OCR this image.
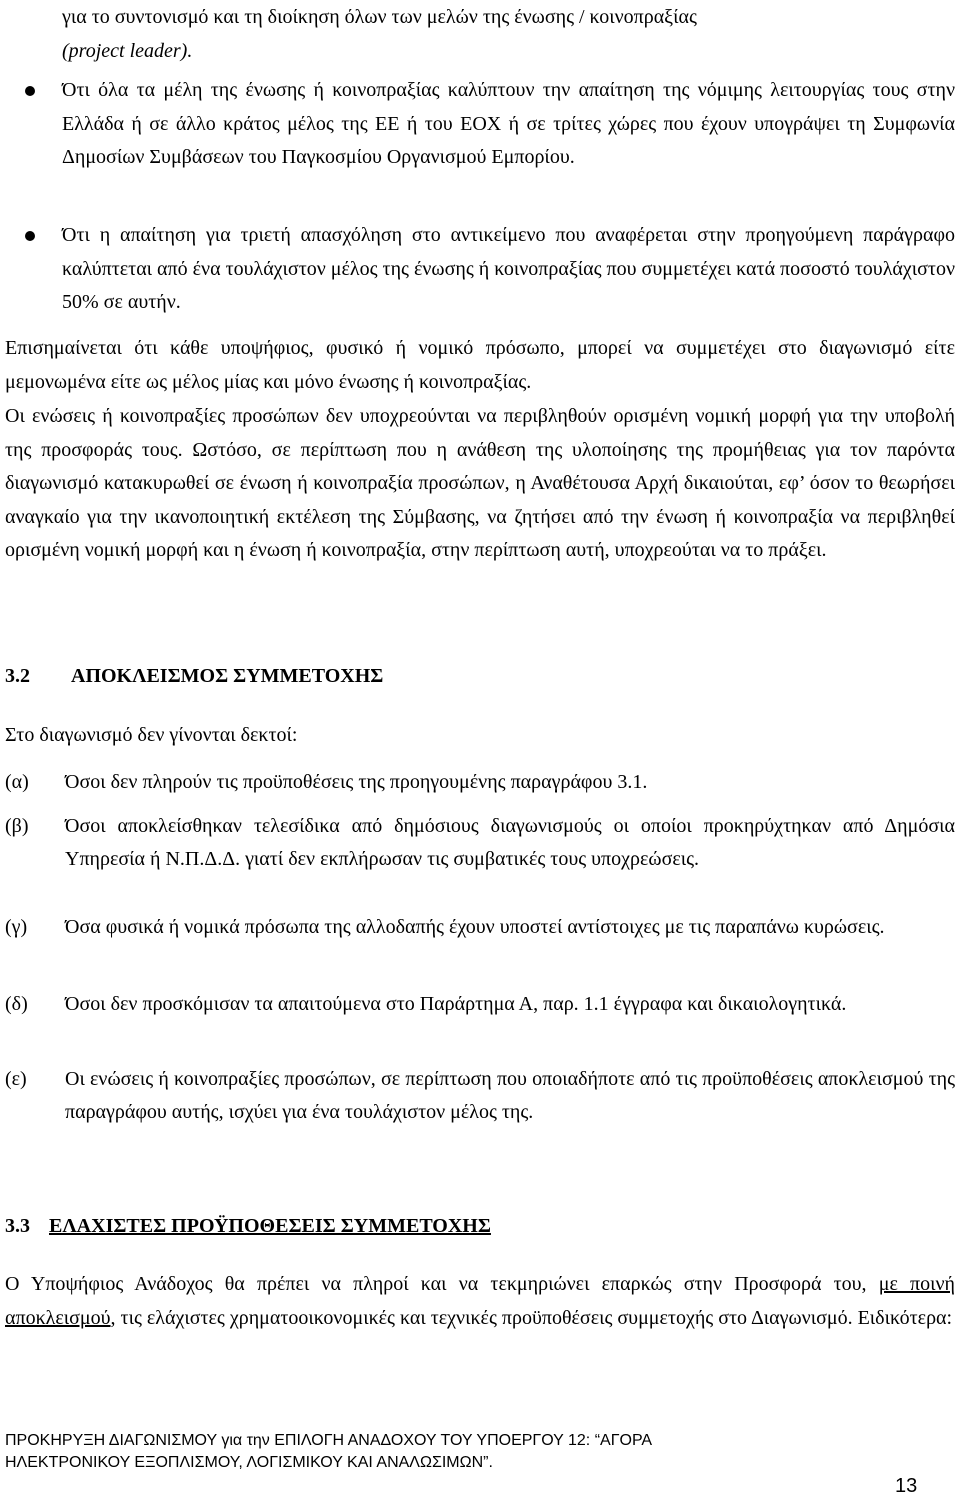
για το συντονισμό και τη διοίκηση όλων των μελών της ένωσης / κοινοπραξίας
(project leader).
Ότι όλα τα μέλη της ένωσης ή κοινοπραξίας καλύπτουν την απαίτηση της νόμιμης λειτουργίας τους στην Ελλάδα ή σε άλλο κράτος μέλος της ΕΕ ή του ΕΟΧ ή σε τρίτες χώρες που έχουν υπογράψει τη Συμφωνία Δημοσίων Συμβάσεων του Παγκοσμίου Οργανισμού Εμπορίου.
Ότι η απαίτηση για τριετή απασχόληση στο αντικείμενο που αναφέρεται στην προηγούμενη παράγραφο καλύπτεται από ένα τουλάχιστον μέλος της ένωσης ή κοινοπραξίας που συμμετέχει κατά ποσοστό τουλάχιστον 50% σε αυτήν.
Επισημαίνεται ότι κάθε υποψήφιος, φυσικό ή νομικό πρόσωπο, μπορεί να συμμετέχει στο διαγωνισμό είτε μεμονωμένα είτε ως μέλος μίας και μόνο ένωσης ή κοινοπραξίας.
Οι ενώσεις ή κοινοπραξίες προσώπων δεν υποχρεούνται να περιβληθούν ορισμένη νομική μορφή για την υποβολή της προσφοράς τους. Ωστόσο, σε περίπτωση που η ανάθεση της υλοποίησης της προμήθειας για τον παρόντα διαγωνισμό κατακυρωθεί σε ένωση ή κοινοπραξία προσώπων, η Αναθέτουσα Αρχή δικαιούται, εφ’ όσον το θεωρήσει αναγκαίο για την ικανοποιητική εκτέλεση της Σύμβασης, να ζητήσει από την ένωση ή κοινοπραξία να περιβληθεί ορισμένη νομική μορφή και η ένωση ή κοινοπραξία, στην περίπτωση αυτή, υποχρεούται να το πράξει.
3.2 ΑΠΟΚΛΕΙΣΜΟΣ ΣΥΜΜΕΤΟΧΗΣ
Στο διαγωνισμό δεν γίνονται δεκτοί:
(α) Όσοι δεν πληρούν τις προϋποθέσεις της προηγουμένης παραγράφου 3.1.
(β) Όσοι αποκλείσθηκαν τελεσίδικα από δημόσιους διαγωνισμούς οι οποίοι προκηρύχτηκαν από Δημόσια Υπηρεσία ή Ν.Π.Δ.Δ. γιατί δεν εκπλήρωσαν τις συμβατικές τους υποχρεώσεις.
(γ) Όσα φυσικά ή νομικά πρόσωπα της αλλοδαπής έχουν υποστεί αντίστοιχες με τις παραπάνω κυρώσεις.
(δ) Όσοι δεν προσκόμισαν τα απαιτούμενα στο Παράρτημα Α, παρ. 1.1 έγγραφα και δικαιολογητικά.
(ε) Οι ενώσεις ή κοινοπραξίες προσώπων, σε περίπτωση που οποιαδήποτε από τις προϋποθέσεις αποκλεισμού της παραγράφου αυτής, ισχύει για ένα τουλάχιστον μέλος της.
3.3 ΕΛΑΧΙΣΤΕΣ ΠΡΟΫΠΟΘΕΣΕΙΣ ΣΥΜΜΕΤΟΧΗΣ
Ο Υποψήφιος Ανάδοχος θα πρέπει να πληροί και να τεκμηριώνει επαρκώς στην Προσφορά του, με ποινή αποκλεισμού, τις ελάχιστες χρηματοοικονομικές και τεχνικές προϋποθέσεις συμμετοχής στο Διαγωνισμό. Ειδικότερα:
ΠΡΟΚΗΡΥΞΗ ΔΙΑΓΩΝΙΣΜΟΥ για την ΕΠΙΛΟΓΗ ΑΝΑΔΟΧΟΥ ΤΟΥ ΥΠΟΕΡΓΟΥ 12: “ΑΓΟΡΑ
ΗΛΕΚΤΡΟΝΙΚΟΥ ΕΞΟΠΛΙΣΜΟΥ, ΛΟΓΙΣΜΙΚΟΥ ΚΑΙ ΑΝΑΛΩΣΙΜΩΝ”.
13
